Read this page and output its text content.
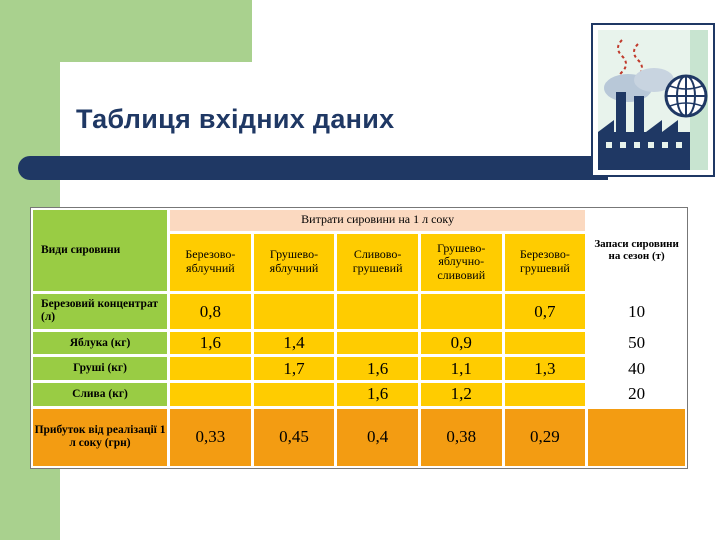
Таблиця вхідних даних
Види сировини	Витрати сировини на 1 л соку					Запаси сировини на сезон (т)
	Березово-яблучний	Грушево-яблучний	Сливово-грушевий	Грушево-яблучно-сливовий	Березово-грушевий	
Березовий концентрат (л)	0,8				0,7	10
Яблука (кг)	1,6	1,4		0,9		50
Груші (кг)		1,7	1,6	1,1	1,3	40
Слива (кг)			1,6	1,2		20
Прибуток від реалізації 1 л соку (грн)	0,33	0,45	0,4	0,38	0,29	
